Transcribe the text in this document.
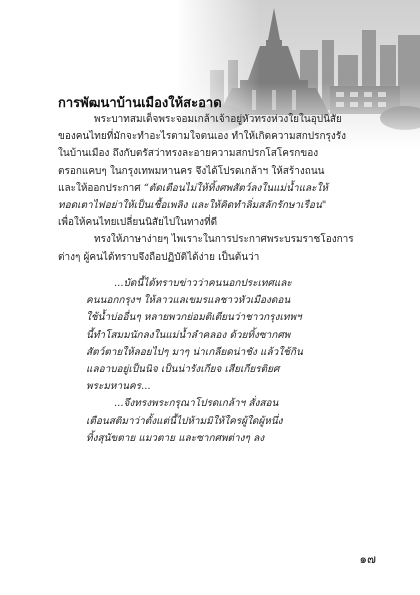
การพัฒนาบ้านเมืองให้สะอาด
พระบาทสมเด็จพระจอมเกล้าเจ้าอยู่หัวทรงห่วงใยในอุปนิสัย
ของคนไทยที่มักจะทำอะไรตามใจตนเอง ทำให้เกิดความสกปรกรุงรัง
ในบ้านเมือง ถึงกับตรัสว่าทรงละอายความสกปรกโสโครกของ
ตรอกแคบๆ ในกรุงเทพมหานคร จึงได้โปรดเกล้าฯ ให้สร้างถนน
และให้ออกประกาศ “ตัดเตือนไม่ให้ทิ้งศพสัตว์ลงในแม่น้ำและให้
ทอดเตาไฟอย่าให้เป็นเชื้อเพลิง และให้คิดทำลิ่มสลักรักษาเรือน"
เพื่อให้คนไทยเปลี่ยนนิสัยไปในทางที่ดี
ทรงให้ภาษาง่ายๆ ไพเราะในการประกาศพระบรมราชโองการ
ต่างๆ ผู้คนได้ทราบจึงถือปฏิบัติได้ง่าย เป็นต้นว่า
...บัดนี้ได้ทราบข่าวว่าคนนอกประเทศและ
คนนอกกรุงฯ ให้ลาวแลเขมรแลชาวหัวเมืองดอน
ใช้น้ำบ่ออื่นๆ หลายพวกย่อมติเตียนว่าชาวกรุงเทพฯ
นี้ทำโสมมนักลงในแม่น้ำลำคลอง ด้วยทิ้งซากศพ
สัตว์ตายให้ลอยไปๆ มาๆ น่าเกลียดน่าชัง แล้วใช้กิน
แลอาบอยู่เป็นนิจ เป็นน่ารังเกียจ เสียเกียรติยศ
พระมหานคร...
...จึงทรงพระกรุณาโปรดเกล้าฯ สั่งสอน
เตือนสติมาว่าตั้งแต่นี้ไปห้ามมิให้ใครผู้ใดผู้หนึ่ง
ทิ้งสุนัขตาย แมวตาย และซากศพต่างๆ ลง
๑๗
